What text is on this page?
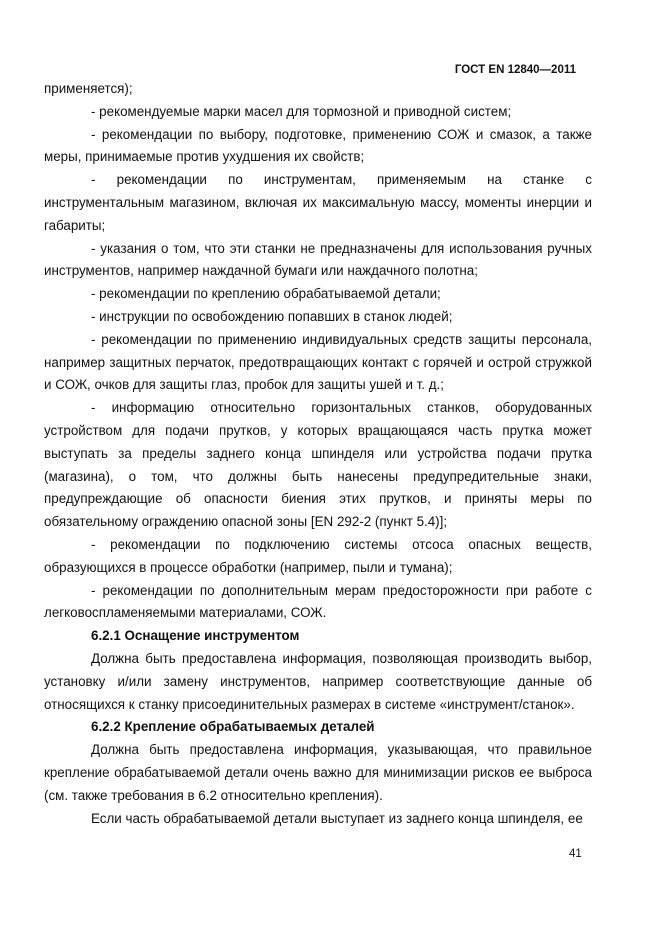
ГОСТ EN 12840—2011

применяется);

- рекомендуемые марки масел для тормозной и приводной систем;

- рекомендации по выбору, подготовке, применению СОЖ и смазок, а также меры, принимаемые против ухудшения их свойств;

- рекомендации по инструментам, применяемым на станке с инструментальным магазином, включая их максимальную массу, моменты инерции и габариты;

- указания о том, что эти станки не предназначены для использования ручных инструментов, например наждачной бумаги или наждачного полотна;

- рекомендации по креплению обрабатываемой детали;

- инструкции по освобождению попавших в станок людей;

- рекомендации по применению индивидуальных средств защиты персонала, например защитных перчаток, предотвращающих контакт с горячей и острой стружкой и СОЖ, очков для защиты глаз, пробок для защиты ушей и т. д.;

- информацию относительно горизонтальных станков, оборудованных устройством для подачи прутков, у которых вращающаяся часть прутка может выступать за пределы заднего конца шпинделя или устройства подачи прутка (магазина), о том, что должны быть нанесены предупредительные знаки, предупреждающие об опасности биения этих прутков, и приняты меры по обязательному ограждению опасной зоны [EN 292-2 (пункт 5.4)];

- рекомендации по подключению системы отсоса опасных веществ, образующихся в процессе обработки (например, пыли и тумана);

- рекомендации по дополнительным мерам предосторожности при работе с легковоспламеняемыми материалами, СОЖ.

6.2.1 Оснащение инструментом

Должна быть предоставлена информация, позволяющая производить выбор, установку и/или замену инструментов, например соответствующие данные об относящихся к станку присоединительных размерах в системе «инструмент/станок».

6.2.2 Крепление обрабатываемых деталей

Должна быть предоставлена информация, указывающая, что правильное крепление обрабатываемой детали очень важно для минимизации рисков ее выброса (см. также требования в 6.2 относительно крепления).

Если часть обрабатываемой детали выступает из заднего конца шпинделя, ее

41
